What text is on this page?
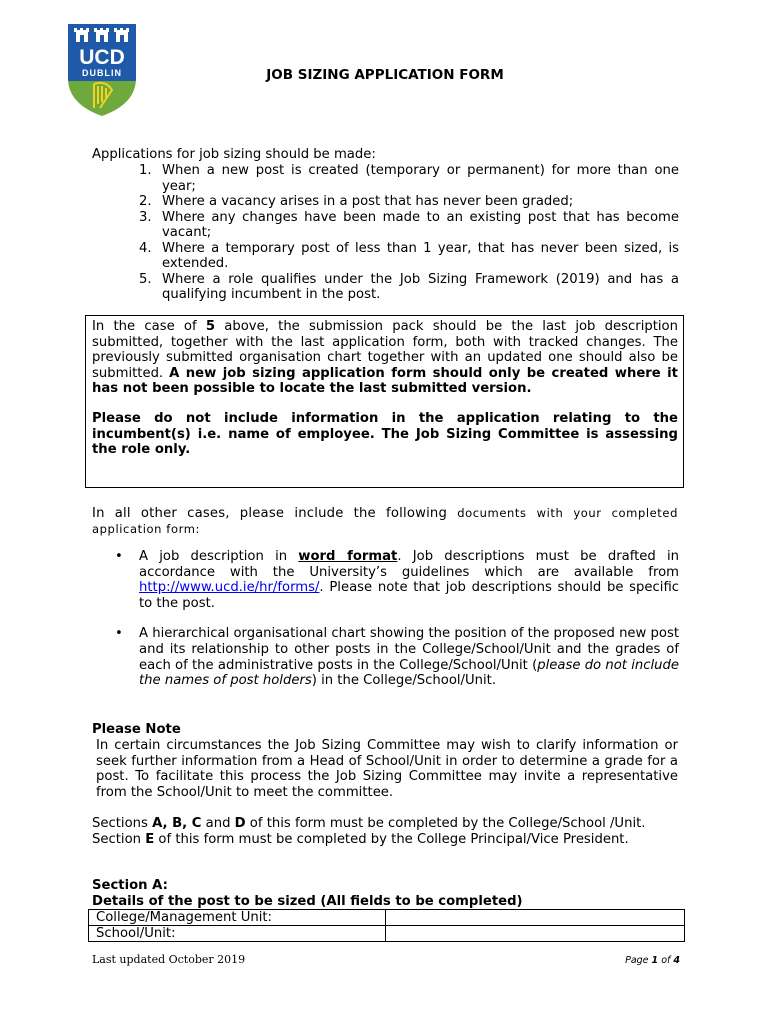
UCD
DUBLIN	JOB SIZING APPLICATION FORM
Applications for job sizing should be made:
1. When a new post is created (temporary or permanent) for more than one year;
2. Where a vacancy arises in a post that has never been graded;
3. Where any changes have been made to an existing post that has become vacant;
4. Where a temporary post of less than 1 year, that has never been sized, is extended.
5. Where a role qualifies under the Job Sizing Framework (2019) and has a qualifying incumbent in the post.

In the case of 5 above, the submission pack should be the last job description submitted, together with the last application form, both with tracked changes. The previously submitted organisation chart together with an updated one should also be submitted. A new job sizing application form should only be created where it has not been possible to locate the last submitted version.

Please do not include information in the application relating to the incumbent(s) i.e. name of employee. The Job Sizing Committee is assessing the role only.

In all other cases, please include the following documents with your completed application form:
•	A job description in word format. Job descriptions must be drafted in accordance with the University’s guidelines which are available from http://www.ucd.ie/hr/forms/. Please note that job descriptions should be specific to the post.
•	A hierarchical organisational chart showing the position of the proposed new post and its relationship to other posts in the College/School/Unit and the grades of each of the administrative posts in the College/School/Unit (please do not include the names of post holders) in the College/School/Unit.
Please Note
In certain circumstances the Job Sizing Committee may wish to clarify information or seek further information from a Head of School/Unit in order to determine a grade for a post. To facilitate this process the Job Sizing Committee may invite a representative from the School/Unit to meet the committee.
Sections A, B, C and D of this form must be completed by the College/School /Unit.
Section E of this form must be completed by the College Principal/Vice President.
Section A:
Details of the post to be sized (All fields to be completed)
College/Management Unit:	
School/Unit:	
Last updated October 2019	Page 1 of 4
